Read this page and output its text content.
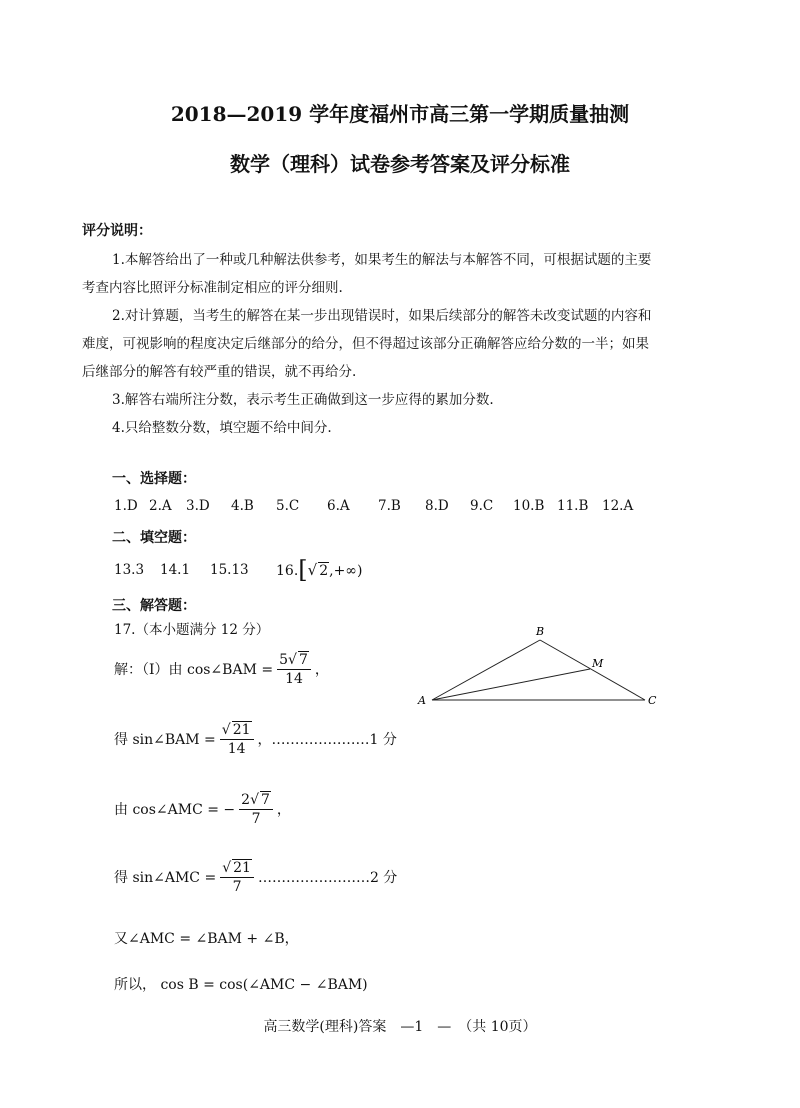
2018—2019 学年度福州市高三第一学期质量抽测
数学（理科）试卷参考答案及评分标准
评分说明：
1.本解答给出了一种或几种解法供参考，如果考生的解法与本解答不同，可根据试题的主要
考查内容比照评分标准制定相应的评分细则.
2.对计算题，当考生的解答在某一步出现错误时，如果后续部分的解答未改变试题的内容和
难度，可视影响的程度决定后继部分的给分，但不得超过该部分正确解答应给分数的一半；如果
后继部分的解答有较严重的错误，就不再给分.
3.解答右端所注分数，表示考生正确做到这一步应得的累加分数.
4.只给整数分数，填空题不给中间分.
一、选择题：
1.D 2.A 3.D 4.B 5.C 6.A 7.B 8.D 9.C 10.B 11.B 12.A
二、填空题：
13.3 14.1 15.13 16.[√ 2,+∞)
三、解答题：
17.（本小题满分 12 分）
解：（Ⅰ）由 cos∠BAM = $\frac{5√ 7}{14}$ ，
得 sin∠BAM = $\frac{√ 21}{14}$ ，…………………1 分
由 cos∠AMC = − $\frac{2√ 7}{7}$ ，
得 sin∠AMC = $\frac{√ 21}{7}$ ……………………2 分
又∠AMC = ∠BAM + ∠B，
所以， cos B = cos(∠AMC − ∠BAM)
A
B
C
M
高三数学(理科)答案　—1　—　（共 10页）
